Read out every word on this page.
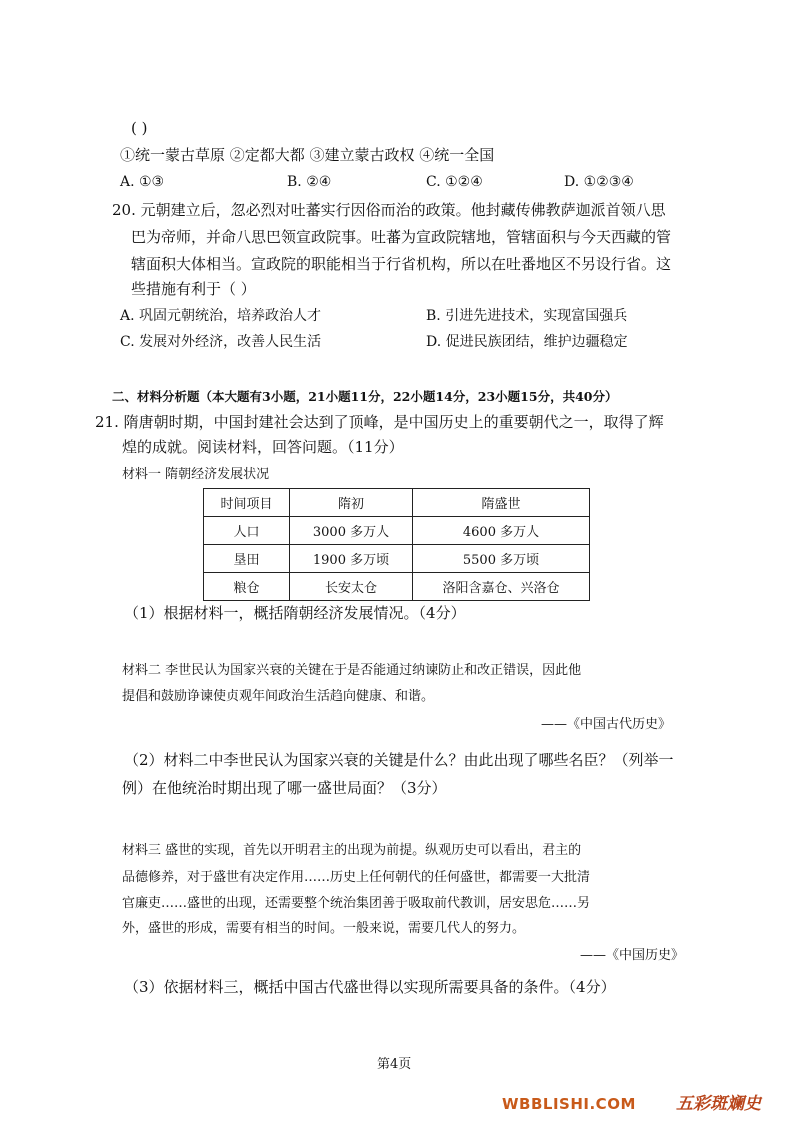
( )
①统一蒙古草原 ②定都大都 ③建立蒙古政权 ④统一全国
A. ①③	B. ②④	C. ①②④	D. ①②③④
20. 元朝建立后，忽必烈对吐蕃实行因俗而治的政策。他封藏传佛教萨迦派首领八思
巴为帝师，并命八思巴领宣政院事。吐蕃为宣政院辖地，管辖面积与今天西藏的管
辖面积大体相当。宣政院的职能相当于行省机构，所以在吐番地区不另设行省。这
些措施有利于（ ）
A. 巩固元朝统治，培养政治人才	B. 引进先进技术，实现富国强兵
C. 发展对外经济，改善人民生活	D. 促进民族团结，维护边疆稳定
二、材料分析题（本大题有3小题，21小题11分，22小题14分，23小题15分，共40分）
21. 隋唐朝时期，中国封建社会达到了顶峰，是中国历史上的重要朝代之一，取得了辉
煌的成就。阅读材料，回答问题。（11分）
材料一 隋朝经济发展状况
时间项目	隋初	隋盛世
人口	3000 多万人	4600 多万人
垦田	1900 多万顷	5500 多万顷
粮仓	长安太仓	洛阳含嘉仓、兴洛仓
（1）根据材料一，概括隋朝经济发展情况。（4分）
材料二 李世民认为国家兴衰的关键在于是否能通过纳谏防止和改正错误，因此他
提倡和鼓励诤谏使贞观年间政治生活趋向健康、和谐。
——《中国古代历史》
（2）材料二中李世民认为国家兴衰的关键是什么？由此出现了哪些名臣？（列举一
例）在他统治时期出现了哪一盛世局面？（3分）
材料三 盛世的实现，首先以开明君主的出现为前提。纵观历史可以看出，君主的
品德修养，对于盛世有决定作用……历史上任何朝代的任何盛世，都需要一大批清
官廉吏……盛世的出现，还需要整个统治集团善于吸取前代教训，居安思危……另
外，盛世的形成，需要有相当的时间。一般来说，需要几代人的努力。
——《中国历史》
（3）依据材料三，概括中国古代盛世得以实现所需要具备的条件。（4分）
第4页
WBBLISHI.COM 五彩斑斓史
